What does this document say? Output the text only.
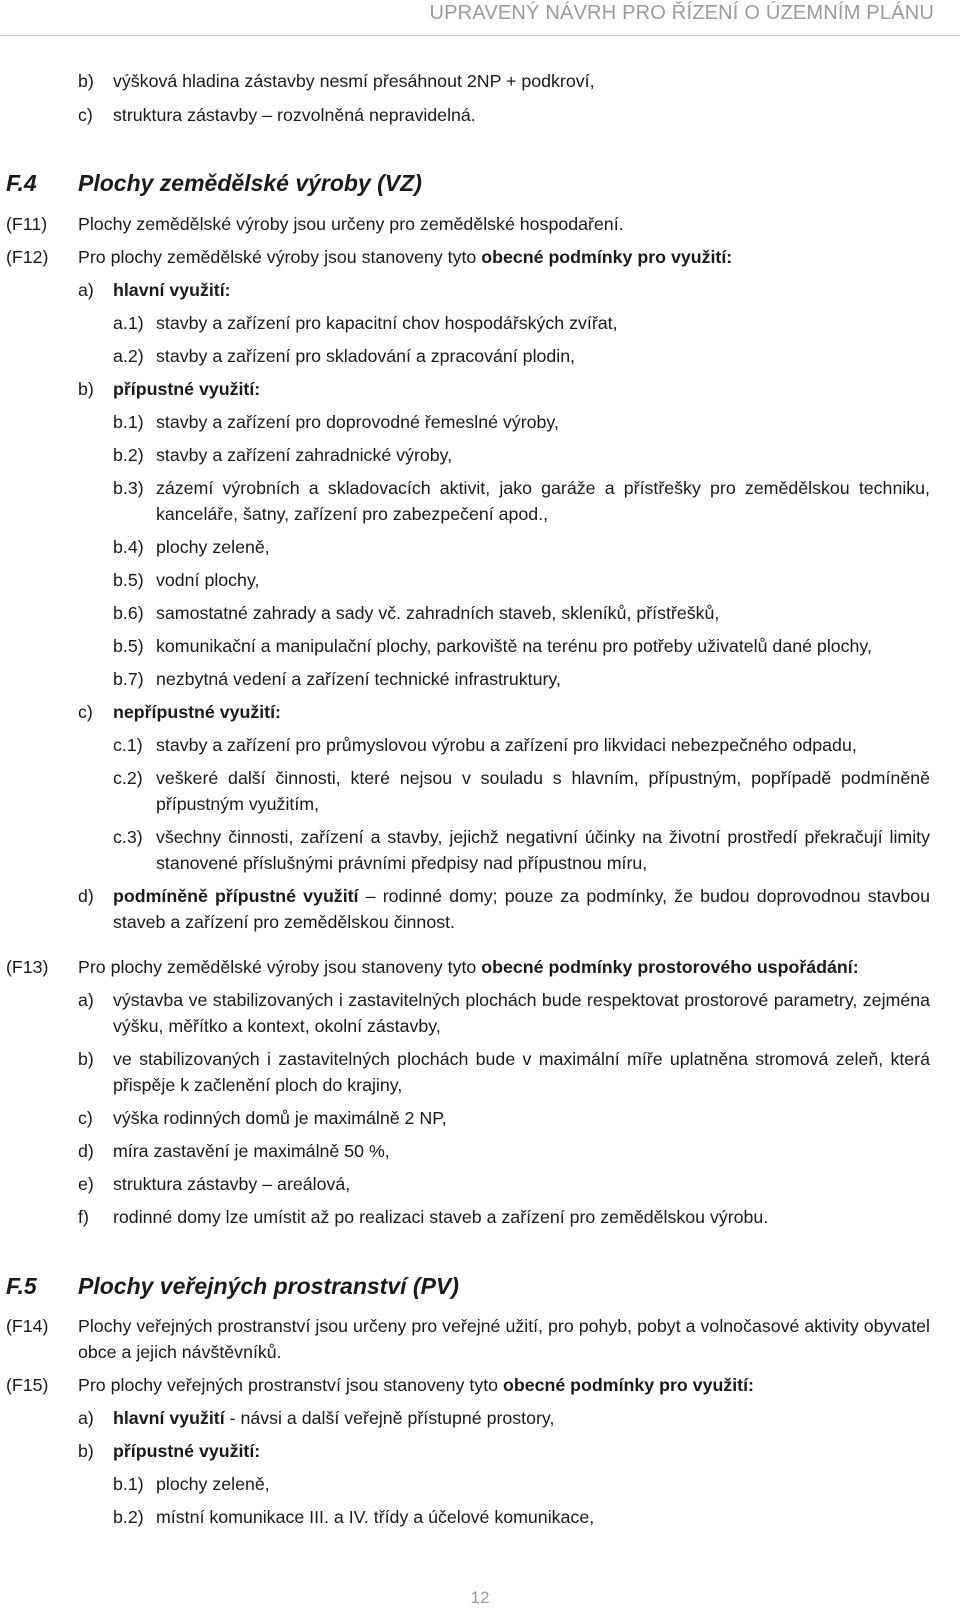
UPRAVENÝ NÁVRH PRO ŘÍZENÍ O ÚZEMNÍM PLÁNU
b) výšková hladina zástavby nesmí přesáhnout 2NP + podkroví,
c) struktura zástavby – rozvolněná nepravidelná.
F.4 Plochy zemědělské výroby (VZ)
(F11) Plochy zemědělské výroby jsou určeny pro zemědělské hospodaření.
(F12) Pro plochy zemědělské výroby jsou stanoveny tyto obecné podmínky pro využití:
a) hlavní využití:
a.1) stavby a zařízení pro kapacitní chov hospodářských zvířat,
a.2) stavby a zařízení pro skladování a zpracování plodin,
b) přípustné využití:
b.1) stavby a zařízení pro doprovodné řemeslné výroby,
b.2) stavby a zařízení zahradnické výroby,
b.3) zázemí výrobních a skladovacích aktivit, jako garáže a přístřešky pro zemědělskou techniku, kanceláře, šatny, zařízení pro zabezpečení apod.,
b.4) plochy zeleně,
b.5) vodní plochy,
b.6) samostatné zahrady a sady vč. zahradních staveb, skleníků, přístřešků,
b.5) komunikační a manipulační plochy, parkoviště na terénu pro potřeby uživatelů dané plochy,
b.7) nezbytná vedení a zařízení technické infrastruktury,
c) nepřípustné využití:
c.1) stavby a zařízení pro průmyslovou výrobu a zařízení pro likvidaci nebezpečného odpadu,
c.2) veškeré další činnosti, které nejsou v souladu s hlavním, přípustným, popřípadě podmíněně přípustným využitím,
c.3) všechny činnosti, zařízení a stavby, jejichž negativní účinky na životní prostředí překračují limity stanovené příslušnými právními předpisy nad přípustnou míru,
d) podmíněně přípustné využití – rodinné domy; pouze za podmínky, že budou doprovodnou stavbou staveb a zařízení pro zemědělskou činnost.
(F13) Pro plochy zemědělské výroby jsou stanoveny tyto obecné podmínky prostorového uspořádání:
a) výstavba ve stabilizovaných i zastavitelných plochách bude respektovat prostorové parametry, zejména výšku, měřítko a kontext, okolní zástavby,
b) ve stabilizovaných i zastavitelných plochách bude v maximální míře uplatněna stromová zeleň, která přispěje k začlenění ploch do krajiny,
c) výška rodinných domů je maximálně 2 NP,
d) míra zastavění je maximálně 50 %,
e) struktura zástavby – areálová,
f) rodinné domy lze umístit až po realizaci staveb a zařízení pro zemědělskou výrobu.
F.5 Plochy veřejných prostranství (PV)
(F14) Plochy veřejných prostranství jsou určeny pro veřejné užití, pro pohyb, pobyt a volnočasové aktivity obyvatel obce a jejich návštěvníků.
(F15) Pro plochy veřejných prostranství jsou stanoveny tyto obecné podmínky pro využití:
a) hlavní využití - návsi a další veřejně přístupné prostory,
b) přípustné využití:
b.1) plochy zeleně,
b.2) místní komunikace III. a IV. třídy a účelové komunikace,
12
